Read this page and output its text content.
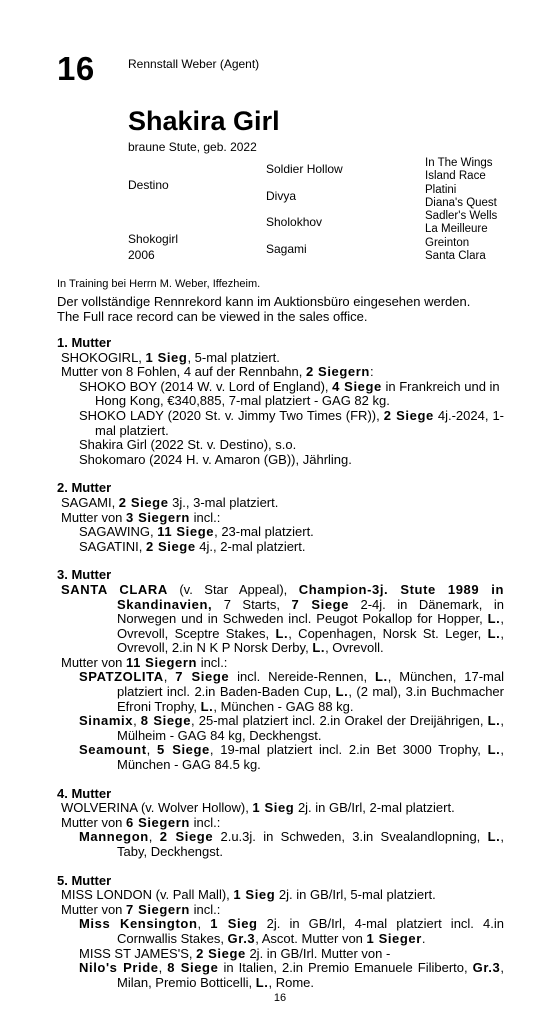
16	Rennstall Weber (Agent)
Shakira Girl
braune Stute, geb. 2022
Destino
Shokogirl
2006
Soldier Hollow
Divya
Sholokhov
Sagami
In The Wings
Island Race
Platini
Diana's Quest
Sadler's Wells
La Meilleure
Greinton
Santa Clara
In Training bei Herrn M. Weber, Iffezheim.
Der vollständige Rennrekord kann im Auktionsbüro eingesehen werden.
The Full race record can be viewed in the sales office.

1. Mutter

SHOKOGIRL, 1 Sieg, 5-mal platziert.

Mutter von 8 Fohlen, 4 auf der Rennbahn, 2 Siegern:

SHOKO BOY (2014 W. v. Lord of England), 4 Siege in Frankreich und in Hong Kong, €340,885, 7-mal platziert - GAG 82 kg.

SHOKO LADY (2020 St. v. Jimmy Two Times (FR)), 2 Siege 4j.-2024, 1-mal platziert.

Shakira Girl (2022 St. v. Destino), s.o.

Shokomaro (2024 H. v. Amaron (GB)), Jährling.

2. Mutter

SAGAMI, 2 Siege 3j., 3-mal platziert.

Mutter von 3 Siegern incl.:

SAGAWING, 11 Siege, 23-mal platziert.

SAGATINI, 2 Siege 4j., 2-mal platziert.

3. Mutter

SANTA CLARA (v. Star Appeal), Champion-3j. Stute 1989 in Skandinavien, 7 Starts, 7 Siege 2-4j. in Dänemark, in Norwegen und in Schweden incl. Peugot Pokallop for Hopper, L., Ovrevoll, Sceptre Stakes, L., Copenhagen, Norsk St. Leger, L., Ovrevoll, 2.in N K P Norsk Derby, L., Ovrevoll.

Mutter von 11 Siegern incl.:

SPATZOLITA, 7 Siege incl. Nereide-Rennen, L., München, 17-mal platziert incl. 2.in Baden-Baden Cup, L., (2 mal), 3.in Buchmacher Efroni Trophy, L., München - GAG 88 kg.

Sinamix, 8 Siege, 25-mal platziert incl. 2.in Orakel der Dreijährigen, L., Mülheim - GAG 84 kg, Deckhengst.

Seamount, 5 Siege, 19-mal platziert incl. 2.in Bet 3000 Trophy, L., München - GAG 84.5 kg.

4. Mutter

WOLVERINA (v. Wolver Hollow), 1 Sieg 2j. in GB/Irl, 2-mal platziert.

Mutter von 6 Siegern incl.:

Mannegon, 2 Siege 2.u.3j. in Schweden, 3.in Svealandlopning, L., Taby, Deckhengst.

5. Mutter

MISS LONDON (v. Pall Mall), 1 Sieg 2j. in GB/Irl, 5-mal platziert.

Mutter von 7 Siegern incl.:

Miss Kensington, 1 Sieg 2j. in GB/Irl, 4-mal platziert incl. 4.in Cornwallis Stakes, Gr.3, Ascot. Mutter von 1 Sieger.

MISS ST JAMES'S, 2 Siege 2j. in GB/Irl. Mutter von -

Nilo's Pride, 8 Siege in Italien, 2.in Premio Emanuele Filiberto, Gr.3, Milan, Premio Botticelli, L., Rome.

16
